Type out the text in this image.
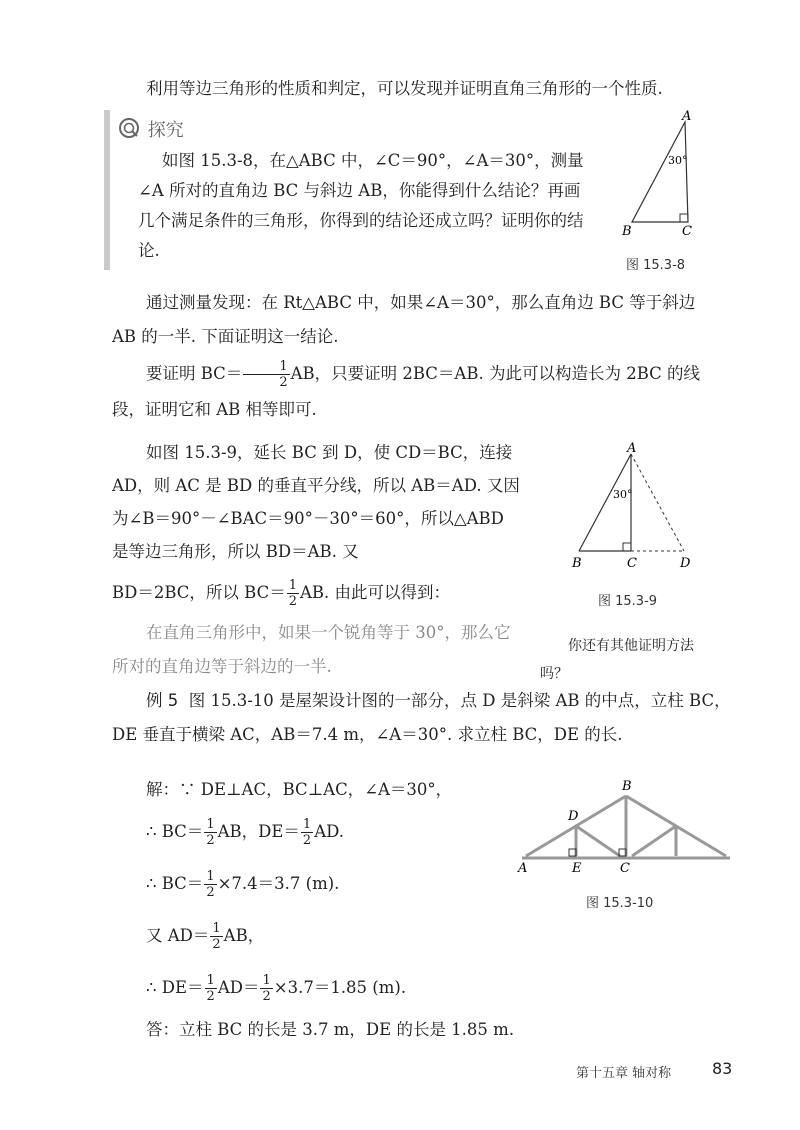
利用等边三角形的性质和判定，可以发现并证明直角三角形的一个性质.
探究
如图 15.3-8，在△ABC 中，∠C＝90°，∠A＝30°，测量∠A 所对的直角边 BC 与斜边 AB，你能得到什么结论？再画几个满足条件的三角形，你得到的结论还成立吗？证明你的结论.
A
B	C
30°
图 15.3-8
通过测量发现：在 Rt△ABC 中，如果∠A＝30°，那么直角边 BC 等于斜边 AB 的一半. 下面证明这一结论.
要证明 $BC= \frac{1}{2}$ AB，只要证明 2BC＝AB. 为此可以构造长为 2BC 的线段，证明它和 AB 相等即可.
如图 15.3-9，延长 BC 到 D，使 CD＝BC，连接 AD，则 AC 是 BD 的垂直平分线，所以 AB＝AD. 又因为∠B＝90°－∠BAC＝90°－30°＝60°，所以△ABD 是等边三角形，所以 BD＝AB. 又
BD＝2BC，所以 $BC= \frac{1}{2}$ AB. 由此可以得到：
A
B	C	D
30°
图 15.3-9
在直角三角形中，如果一个锐角等于 30°，那么它所对的直角边等于斜边的一半.
你还有其他证明方法吗？
例 5 图 15.3-10 是屋架设计图的一部分，点 D 是斜梁 AB 的中点，立柱 BC，DE 垂直于横梁 AC，AB＝7.4 m，∠A＝30°. 求立柱 BC，DE 的长.
解：∵ DE⊥AC，BC⊥AC，∠A＝30°，
∴ $BC= \frac{1}{2}$ AB，$DE= \frac{1}{2}$ AD.
∴ $BC= \frac{1}{2} \times 7.4=3.7$ (m).
又 $AD= \frac{1}{2}$ AB，
∴ $DE= \frac{1}{2} AD= \frac{1}{2} \times 3.7=1.85$ (m).
答：立柱 BC 的长是 3.7 m，DE 的长是 1.85 m.
A
B
C
D
E
图 15.3-10
第十五章 轴对称	83
